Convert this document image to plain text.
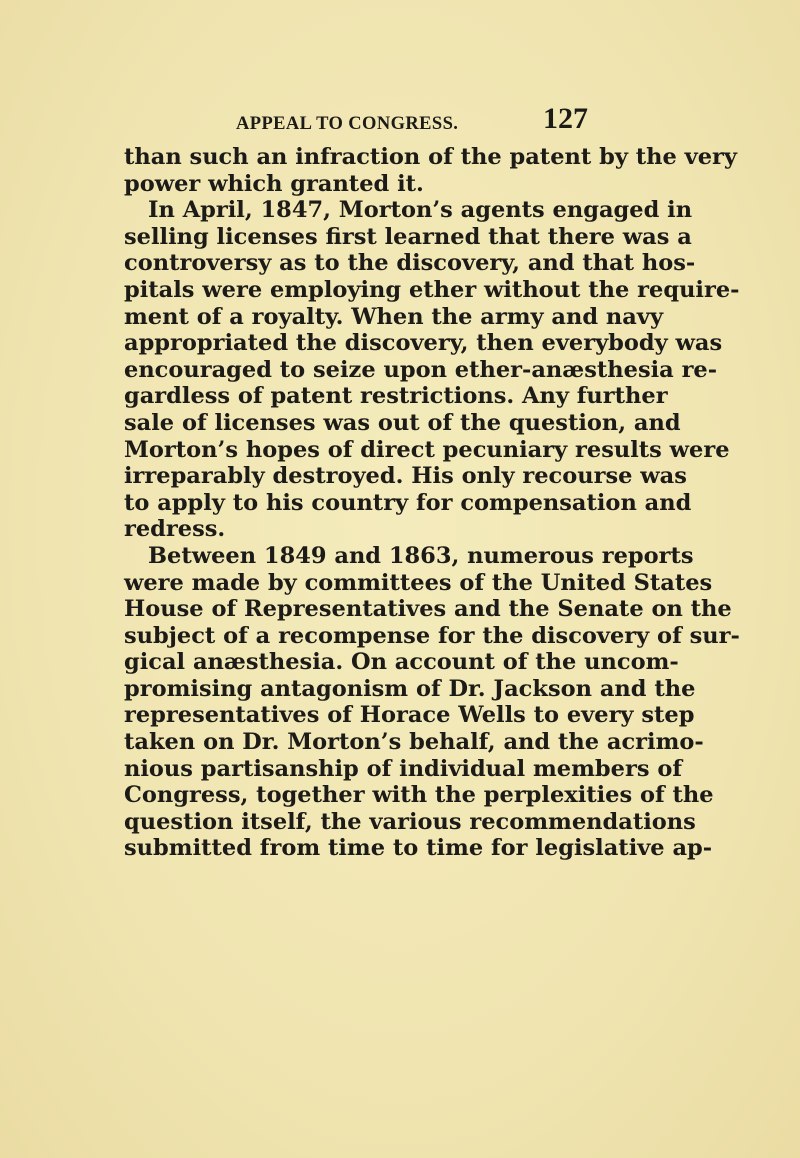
APPEAL TO CONGRESS.	127
than such an infraction of the patent by the very
power which granted it.
In April, 1847, Morton’s agents engaged in
selling licenses first learned that there was a
controversy as to the discovery, and that hos-
pitals were employing ether without the require-
ment of a royalty. When the army and navy
appropriated the discovery, then everybody was
encouraged to seize upon ether-anæsthesia re-
gardless of patent restrictions. Any further
sale of licenses was out of the question, and
Morton’s hopes of direct pecuniary results were
irreparably destroyed. His only recourse was
to apply to his country for compensation and
redress.
Between 1849 and 1863, numerous reports
were made by committees of the United States
House of Representatives and the Senate on the
subject of a recompense for the discovery of sur-
gical anæsthesia. On account of the uncom-
promising antagonism of Dr. Jackson and the
representatives of Horace Wells to every step
taken on Dr. Morton’s behalf, and the acrimo-
nious partisanship of individual members of
Congress, together with the perplexities of the
question itself, the various recommendations
submitted from time to time for legislative ap-
